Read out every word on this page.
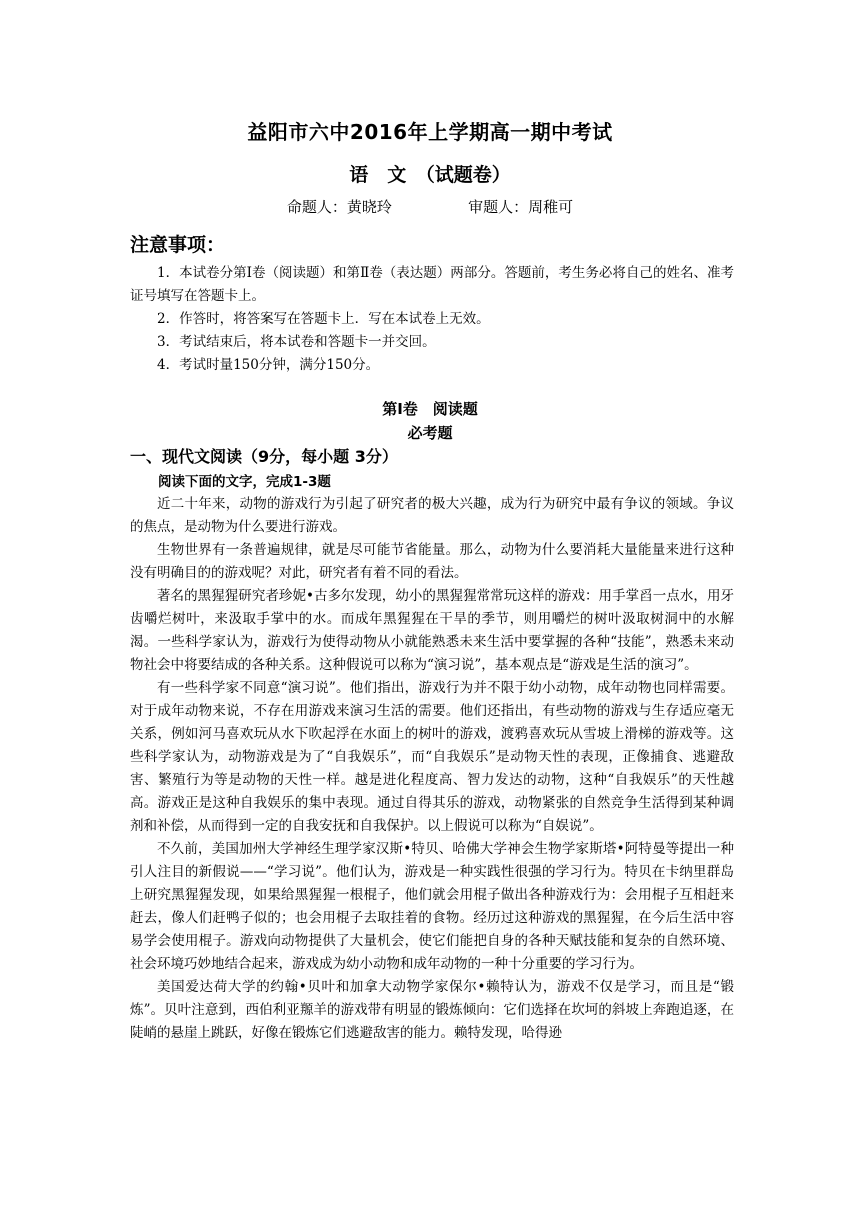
益阳市六中2016年上学期高一期中考试
语　文　（试题卷）
命题人：黄晓玲	审题人：周稚可
注意事项：

1．本试卷分第Ⅰ卷（阅读题）和第Ⅱ卷（表达题）两部分。答题前，考生务必将自己的姓名、准考证号填写在答题卡上。

2．作答时，将答案写在答题卡上．写在本试卷上无效。

3．考试结束后，将本试卷和答题卡一并交回。

4．考试时量150分钟，满分150分。

第Ⅰ卷　阅读题
必考题
一、现代文阅读（9分，每小题 3分）
阅读下面的文字，完成1-3题

近二十年来，动物的游戏行为引起了研究者的极大兴趣，成为行为研究中最有争议的领域。争议的焦点，是动物为什么要进行游戏。

生物世界有一条普遍规律，就是尽可能节省能量。那么，动物为什么要消耗大量能量来进行这种没有明确目的的游戏呢？对此，研究者有着不同的看法。

著名的黑猩猩研究者珍妮•古多尔发现，幼小的黑猩猩常常玩这样的游戏：用手掌舀一点水，用牙齿嚼烂树叶，来汲取手掌中的水。而成年黑猩猩在干旱的季节，则用嚼烂的树叶汲取树洞中的水解渴。一些科学家认为，游戏行为使得动物从小就能熟悉未来生活中要掌握的各种“技能”，熟悉未来动物社会中将要结成的各种关系。这种假说可以称为“演习说”，基本观点是“游戏是生活的演习”。

有一些科学家不同意“演习说”。他们指出，游戏行为并不限于幼小动物，成年动物也同样需要。对于成年动物来说，不存在用游戏来演习生活的需要。他们还指出，有些动物的游戏与生存适应毫无关系，例如河马喜欢玩从水下吹起浮在水面上的树叶的游戏，渡鸦喜欢玩从雪坡上滑梯的游戏等。这些科学家认为，动物游戏是为了“自我娱乐”，而“自我娱乐”是动物天性的表现，正像捕食、逃避敌害、繁殖行为等是动物的天性一样。越是进化程度高、智力发达的动物，这种“自我娱乐”的天性越高。游戏正是这种自我娱乐的集中表现。通过自得其乐的游戏，动物紧张的自然竞争生活得到某种调剂和补偿，从而得到一定的自我安抚和自我保护。以上假说可以称为“自娱说”。

不久前，美国加州大学神经生理学家汉斯•特贝、哈佛大学神会生物学家斯塔•阿特曼等提出一种引人注目的新假说——“学习说”。他们认为，游戏是一种实践性很强的学习行为。特贝在卡纳里群岛上研究黑猩猩发现，如果给黑猩猩一根棍子，他们就会用棍子做出各种游戏行为：会用棍子互相赶来赶去，像人们赶鸭子似的；也会用棍子去取挂着的食物。经历过这种游戏的黑猩猩，在今后生活中容易学会使用棍子。游戏向动物提供了大量机会，使它们能把自身的各种天赋技能和复杂的自然环境、社会环境巧妙地结合起来，游戏成为幼小动物和成年动物的一种十分重要的学习行为。

美国爱达荷大学的约翰•贝叶和加拿大动物学家保尔•赖特认为，游戏不仅是学习，而且是“锻炼”。贝叶注意到，西伯利亚羱羊的游戏带有明显的锻炼倾向：它们选择在坎坷的斜坡上奔跑追逐，在陡峭的悬崖上跳跃，好像在锻炼它们逃避敌害的能力。赖特发现，哈得逊
